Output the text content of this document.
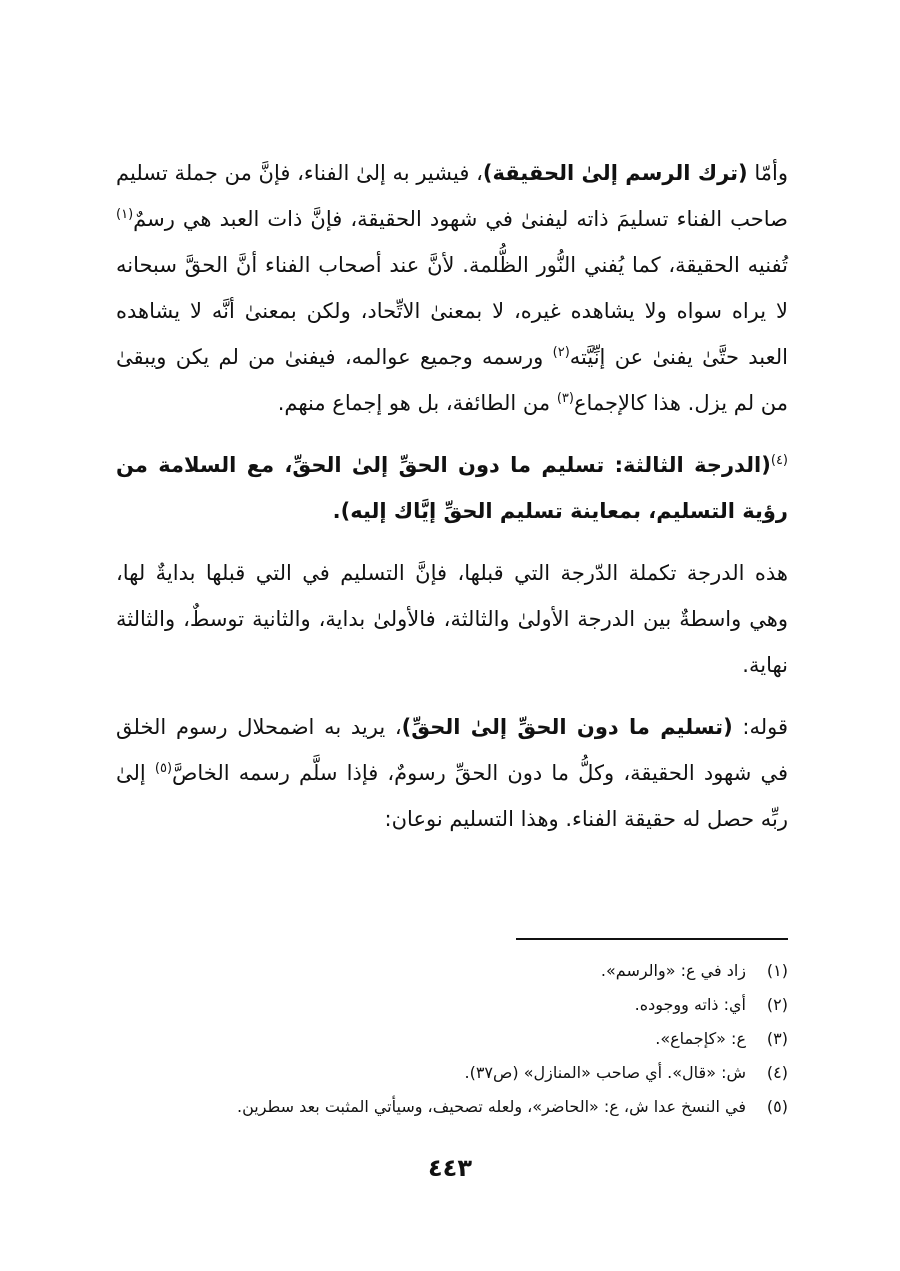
وأمّا (ترك الرسم إلىٰ الحقيقة)، فيشير به إلىٰ الفناء، فإنَّ من جملة تسليم صاحب الفناء تسليمَ ذاته ليفنىٰ في شهود الحقيقة، فإنَّ ذات العبد هي رسمٌ$^{(١)}$ تُفنيه الحقيقة، كما يُفني النُّور الظُّلمة. لأنَّ عند أصحاب الفناء أنَّ الحقَّ سبحانه لا يراه سواه ولا يشاهده غيره، لا بمعنىٰ الاتِّحاد، ولكن بمعنىٰ أنَّه لا يشاهده العبد حتَّىٰ يفنىٰ عن إنِّيَّته$^{(٢)}$ ورسمه وجميع عوالمه، فيفنىٰ من لم يكن ويبقىٰ من لم يزل. هذا كالإجماع$^{(٣)}$ من الطائفة، بل هو إجماع منهم.

$^{(٤)}$(الدرجة الثالثة: تسليم ما دون الحقِّ إلىٰ الحقِّ، مع السلامة من رؤية التسليم، بمعاينة تسليم الحقِّ إيَّاك إليه).

هذه الدرجة تكملة الدّرجة التي قبلها، فإنَّ التسليم في التي قبلها بدايةٌ لها، وهي واسطةٌ بين الدرجة الأولىٰ والثالثة، فالأولىٰ بداية، والثانية توسطٌ، والثالثة نهاية.

قوله: (تسليم ما دون الحقِّ إلىٰ الحقِّ)، يريد به اضمحلال رسوم الخلق في شهود الحقيقة، وكلُّ ما دون الحقِّ رسومٌ، فإذا سلَّم رسمه الخاصَّ$^{(٥)}$ إلىٰ ربِّه حصل له حقيقة الفناء. وهذا التسليم نوعان:

(١)
زاد في ع: «والرسم».

(٢)
أي: ذاته ووجوده.

(٣)
ع: «كإجماع».

(٤)
ش: «قال». أي صاحب «المنازل» (ص٣٧).

(٥)
في النسخ عدا ش، ع: «الحاضر»، ولعله تصحيف، وسيأتي المثبت بعد سطرين.

٤٤٣
